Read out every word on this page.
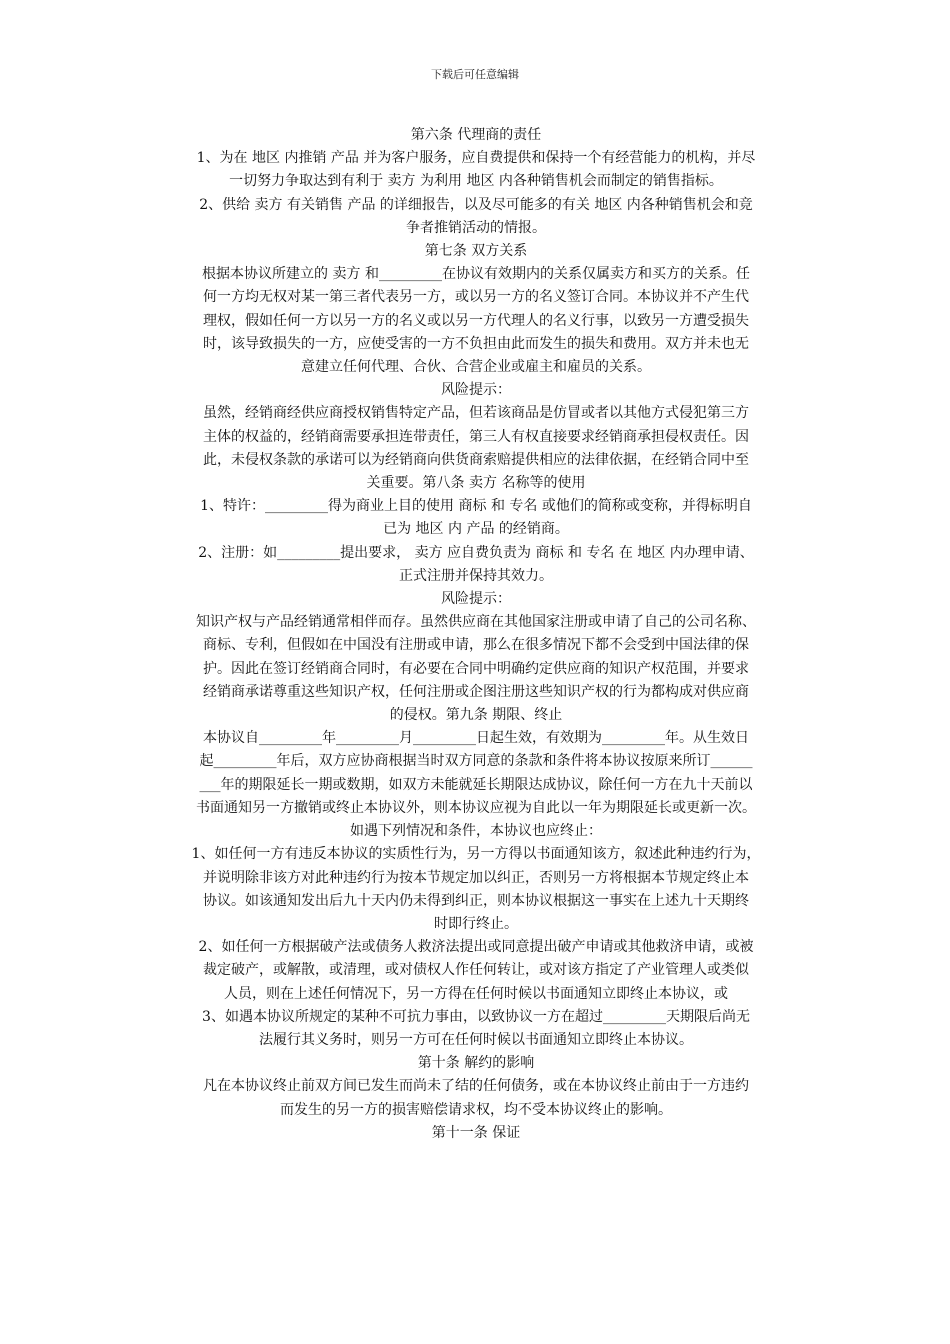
下载后可任意编辑

第六条 代理商的责任

1、为在 地区 内推销 产品 并为客户服务，应自费提供和保持一个有经营能力的机构，并尽

一切努力争取达到有利于 卖方 为利用 地区 内各种销售机会而制定的销售指标。

2、供给 卖方 有关销售 产品 的详细报告，以及尽可能多的有关 地区 内各种销售机会和竞

争者推销活动的情报。

第七条 双方关系

根据本协议所建立的 卖方 和_________在协议有效期内的关系仅属卖方和买方的关系。任

何一方均无权对某一第三者代表另一方，或以另一方的名义签订合同。本协议并不产生代

理权，假如任何一方以另一方的名义或以另一方代理人的名义行事，以致另一方遭受损失

时，该导致损失的一方，应使受害的一方不负担由此而发生的损失和费用。双方并未也无

意建立任何代理、合伙、合营企业或雇主和雇员的关系。

风险提示：

虽然，经销商经供应商授权销售特定产品，但若该商品是仿冒或者以其他方式侵犯第三方

主体的权益的，经销商需要承担连带责任，第三人有权直接要求经销商承担侵权责任。因

此，未侵权条款的承诺可以为经销商向供货商索赔提供相应的法律依据，在经销合同中至

关重要。第八条 卖方 名称等的使用

1、特许：_________得为商业上目的使用 商标 和 专名 或他们的简称或变称，并得标明自

已为 地区 内 产品 的经销商。

2、注册：如_________提出要求， 卖方 应自费负责为 商标 和 专名 在 地区 内办理申请、

正式注册并保持其效力。

风险提示：

知识产权与产品经销通常相伴而存。虽然供应商在其他国家注册或申请了自己的公司名称、

商标、专利，但假如在中国没有注册或申请，那么在很多情况下都不会受到中国法律的保

护。因此在签订经销商合同时，有必要在合同中明确约定供应商的知识产权范围，并要求

经销商承诺尊重这些知识产权，任何注册或企图注册这些知识产权的行为都构成对供应商

的侵权。第九条 期限、终止

本协议自_________年_________月_________日起生效，有效期为_________年。从生效日

起_________年后，双方应协商根据当时双方同意的条款和条件将本协议按原来所订______

___年的期限延长一期或数期，如双方未能就延长期限达成协议，除任何一方在九十天前以

书面通知另一方撤销或终止本协议外，则本协议应视为自此以一年为期限延长或更新一次。

如遇下列情况和条件，本协议也应终止：

1、如任何一方有违反本协议的实质性行为，另一方得以书面通知该方，叙述此种违约行为，

并说明除非该方对此种违约行为按本节规定加以纠正，否则另一方将根据本节规定终止本

协议。如该通知发出后九十天内仍未得到纠正，则本协议根据这一事实在上述九十天期终

时即行终止。

2、如任何一方根据破产法或债务人救济法提出或同意提出破产申请或其他救济申请，或被

裁定破产，或解散，或清理，或对债权人作任何转让，或对该方指定了产业管理人或类似

人员，则在上述任何情况下，另一方得在任何时候以书面通知立即终止本协议，或

3、如遇本协议所规定的某种不可抗力事由，以致协议一方在超过_________天期限后尚无

法履行其义务时，则另一方可在任何时候以书面通知立即终止本协议。

第十条 解约的影响

凡在本协议终止前双方间已发生而尚未了结的任何债务，或在本协议终止前由于一方违约

而发生的另一方的损害赔偿请求权，均不受本协议终止的影响。

第十一条 保证
